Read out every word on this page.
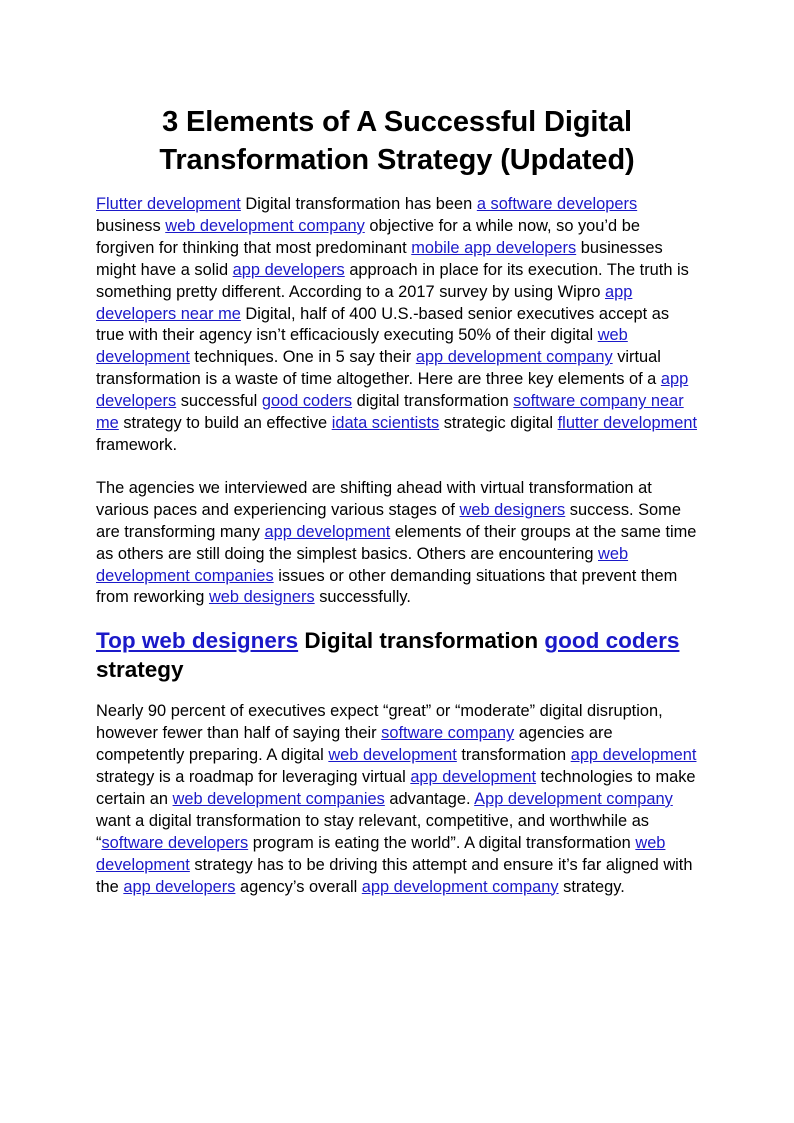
3 Elements of A Successful Digital Transformation Strategy (Updated)

Flutter development Digital transformation has been a software developers business web development company objective for a while now, so you’d be forgiven for thinking that most predominant mobile app developers businesses might have a solid app developers approach in place for its execution. The truth is something pretty different. According to a 2017 survey by using Wipro app developers near me Digital, half of 400 U.S.-based senior executives accept as true with their agency isn’t efficaciously executing 50% of their digital web development techniques. One in 5 say their app development company virtual transformation is a waste of time altogether. Here are three key elements of a app developers successful good coders digital transformation software company near me strategy to build an effective idata scientists strategic digital flutter development framework.

The agencies we interviewed are shifting ahead with virtual transformation at various paces and experiencing various stages of web designers success. Some are transforming many app development elements of their groups at the same time as others are still doing the simplest basics. Others are encountering web development companies issues or other demanding situations that prevent them from reworking web designers successfully.

Top web designers Digital transformation good coders strategy

Nearly 90 percent of executives expect “great” or “moderate” digital disruption, however fewer than half of saying their software company agencies are competently preparing. A digital web development transformation app development strategy is a roadmap for leveraging virtual app development technologies to make certain an web development companies advantage. App development company want a digital transformation to stay relevant, competitive, and worthwhile as “software developers program is eating the world”. A digital transformation web development strategy has to be driving this attempt and ensure it’s far aligned with the app developers agency’s overall app development company strategy.
